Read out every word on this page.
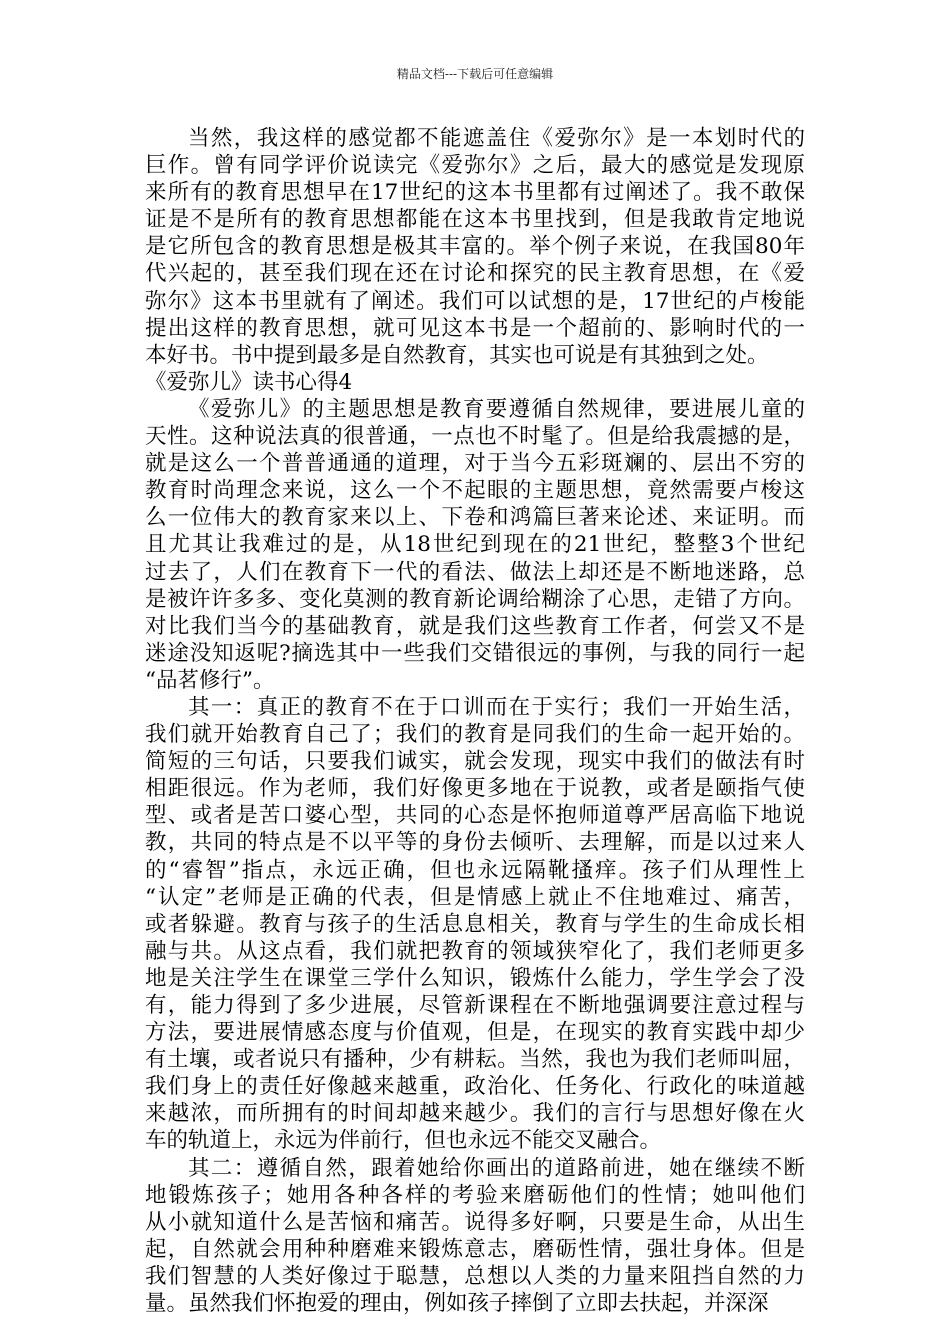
精品文档---下载后可任意编辑
当然，我这样的感觉都不能遮盖住《爱弥尔》是一本划时代的
巨作。曾有同学评价说读完《爱弥尔》之后，最大的感觉是发现原
来所有的教育思想早在17世纪的这本书里都有过阐述了。我不敢保
证是不是所有的教育思想都能在这本书里找到，但是我敢肯定地说
是它所包含的教育思想是极其丰富的。举个例子来说，在我国80年
代兴起的，甚至我们现在还在讨论和探究的民主教育思想，在《爱
弥尔》这本书里就有了阐述。我们可以试想的是，17世纪的卢梭能
提出这样的教育思想，就可见这本书是一个超前的、影响时代的一
本好书。书中提到最多是自然教育，其实也可说是有其独到之处。
《爱弥儿》读书心得4
《爱弥儿》的主题思想是教育要遵循自然规律，要进展儿童的
天性。这种说法真的很普通，一点也不时髦了。但是给我震撼的是，
就是这么一个普普通通的道理，对于当今五彩斑斓的、层出不穷的
教育时尚理念来说，这么一个不起眼的主题思想，竟然需要卢梭这
么一位伟大的教育家来以上、下卷和鸿篇巨著来论述、来证明。而
且尤其让我难过的是，从18世纪到现在的21世纪，整整3个世纪
过去了，人们在教育下一代的看法、做法上却还是不断地迷路，总
是被许许多多、变化莫测的教育新论调给糊涂了心思，走错了方向。
对比我们当今的基础教育，就是我们这些教育工作者，何尝又不是
迷途没知返呢?摘选其中一些我们交错很远的事例，与我的同行一起
“品茗修行”。
其一：真正的教育不在于口训而在于实行；我们一开始生活，
我们就开始教育自己了；我们的教育是同我们的生命一起开始的。
简短的三句话，只要我们诚实，就会发现，现实中我们的做法有时
相距很远。作为老师，我们好像更多地在于说教，或者是颐指气使
型、或者是苦口婆心型，共同的心态是怀抱师道尊严居高临下地说
教，共同的特点是不以平等的身份去倾听、去理解，而是以过来人
的“睿智”指点，永远正确，但也永远隔靴搔痒。孩子们从理性上
“认定”老师是正确的代表，但是情感上就止不住地难过、痛苦，
或者躲避。教育与孩子的生活息息相关，教育与学生的生命成长相
融与共。从这点看，我们就把教育的领域狭窄化了，我们老师更多
地是关注学生在课堂三学什么知识，锻炼什么能力，学生学会了没
有，能力得到了多少进展，尽管新课程在不断地强调要注意过程与
方法，要进展情感态度与价值观，但是，在现实的教育实践中却少
有土壤，或者说只有播种，少有耕耘。当然，我也为我们老师叫屈，
我们身上的责任好像越来越重，政治化、任务化、行政化的味道越
来越浓，而所拥有的时间却越来越少。我们的言行与思想好像在火
车的轨道上，永远为伴前行，但也永远不能交叉融合。
其二：遵循自然，跟着她给你画出的道路前进，她在继续不断
地锻炼孩子；她用各种各样的考验来磨砺他们的性情；她叫他们
从小就知道什么是苦恼和痛苦。说得多好啊，只要是生命，从出生
起，自然就会用种种磨难来锻炼意志，磨砺性情，强壮身体。但是
我们智慧的人类好像过于聪慧，总想以人类的力量来阻挡自然的力
量。虽然我们怀抱爱的理由，例如孩子摔倒了立即去扶起，并深深
